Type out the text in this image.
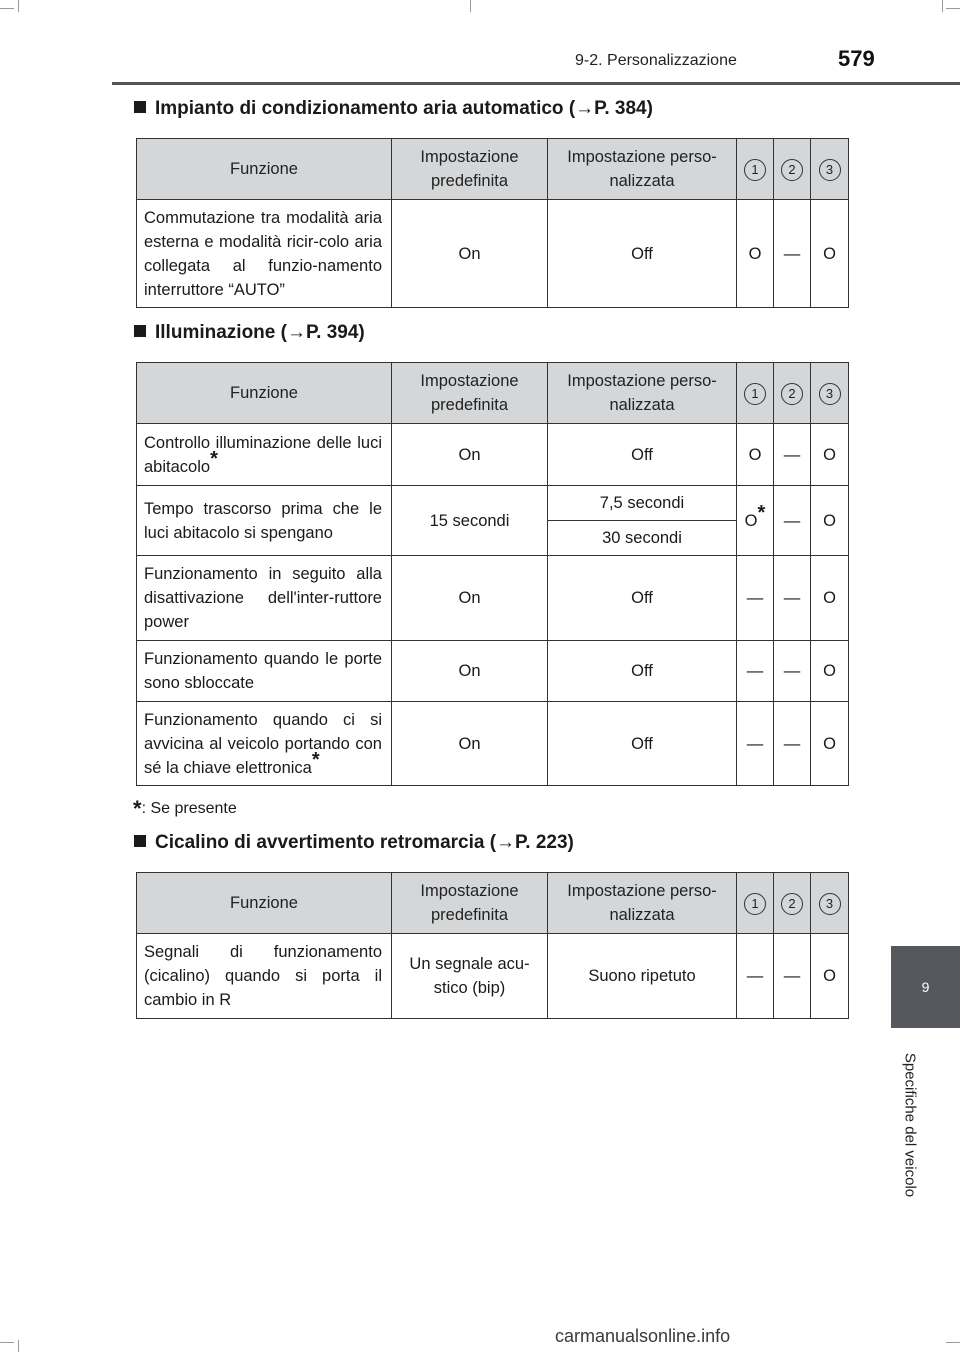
9-2. Personalizzazione	579
9
Specifiche del veicolo
Impianto di condizionamento aria automatico (→P. 384)
Funzione	Impostazione predefinita	Impostazione perso-nalizzata	1	2	3
Commutazione tra modalità aria esterna e modalità ricir-colo aria collegata al funzio-namento interruttore “AUTO”	On	Off	O	—	O
Illuminazione (→P. 394)
Funzione	Impostazione predefinita	Impostazione perso-nalizzata	1	2	3
Controllo illuminazione delle luci abitacolo*	On	Off	O	—	O
Tempo trascorso prima che le luci abitacolo si spengano	15 secondi	7,5 secondi	O*	—	O
		30 secondi			
Funzionamento in seguito alla disattivazione dell'inter-ruttore power	On	Off	—	—	O
Funzionamento quando le porte sono sbloccate	On	Off	—	—	O
Funzionamento quando ci si avvicina al veicolo portando con sé la chiave elettronica*	On	Off	—	—	O
*: Se presente
Cicalino di avvertimento retromarcia (→P. 223)
Funzione	Impostazione predefinita	Impostazione perso-nalizzata	1	2	3
Segnali di funzionamento (cicalino) quando si porta il cambio in R	Un segnale acu-stico (bip)	Suono ripetuto	—	—	O
carmanualsonline.info
